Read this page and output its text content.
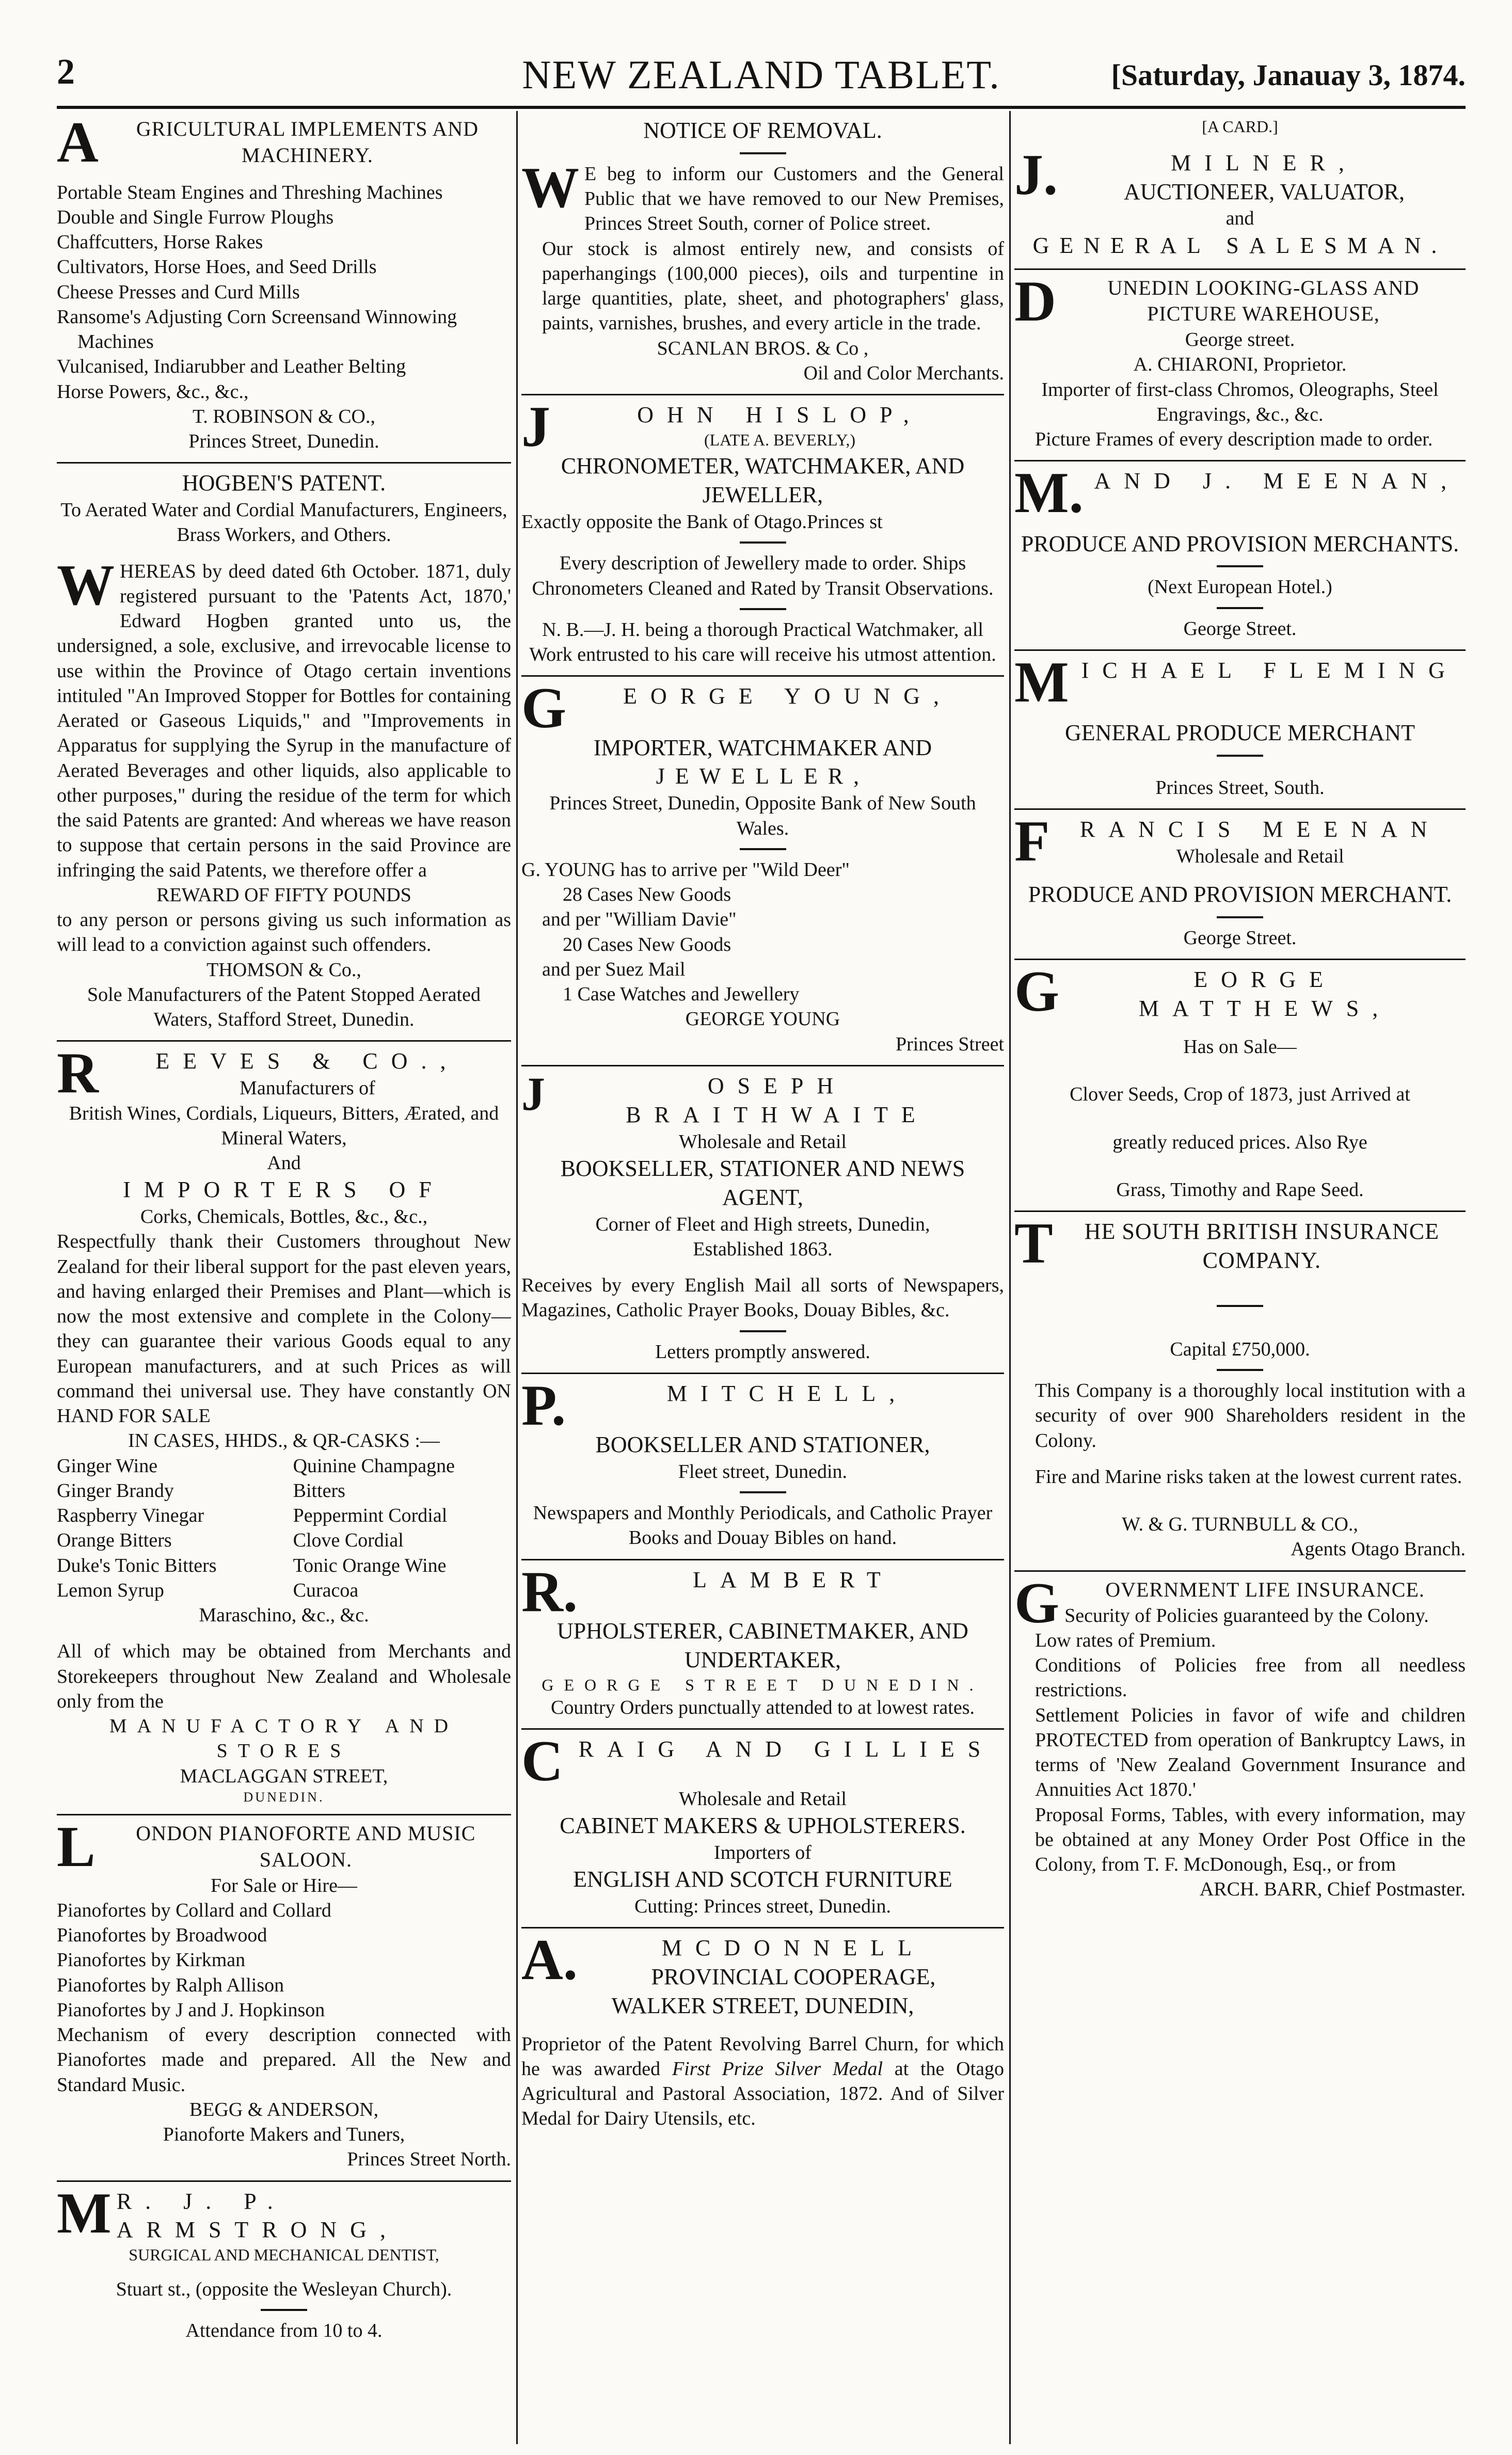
2	NEW ZEALAND TABLET.	[Saturday, Janauay 3, 1874.
A	GRICULTURAL IMPLEMENTS AND MACHINERY.

Portable Steam Engines and Threshing Machines
Double and Single Furrow Ploughs
Chaffcutters, Horse Rakes
Cultivators, Horse Hoes, and Seed Drills
Cheese Presses and Curd Mills
Ransome's Adjusting Corn Screensand Winnowing Machines
Vulcanised, Indiarubber and Leather Belting
Horse Powers, &c., &c.,

T. ROBINSON & CO.,

Princes Street, Dunedin.

HOGBEN'S PATENT.

To Aerated Water and Cordial Manufacturers, Engineers, Brass Workers, and Others.

W HEREAS by deed dated 6th October. 1871, duly registered pursuant to the 'Patents Act, 1870,' Edward Hogben granted unto us, the undersigned, a sole, exclusive, and irrevocable license to use within the Province of Otago certain inventions intituled "An Improved Stopper for Bottles for containing Aerated or Gaseous Liquids," and "Improvements in Apparatus for supplying the Syrup in the manufacture of Aerated Beverages and other liquids, also applicable to other purposes," during the residue of the term for which the said Patents are granted: And whereas we have reason to suppose that certain persons in the said Province are infringing the said Patents, we therefore offer a

REWARD OF FIFTY POUNDS

to any person or persons giving us such information as will lead to a conviction against such offenders.

THOMSON & Co.,

Sole Manufacturers of the Patent Stopped Aerated Waters, Stafford Street, Dunedin.

R	EEVES & CO.,

Manufacturers of

British Wines, Cordials, Liqueurs, Bitters, Ærated, and Mineral Waters,

And

IMPORTERS OF

Corks, Chemicals, Bottles, &c., &c.,

Respectfully thank their Customers throughout New Zealand for their liberal support for the past eleven years, and having enlarged their Premises and Plant—which is now the most extensive and complete in the Colony—they can guarantee their various Goods equal to any European manufacturers, and at such Prices as will command thei universal use. They have constantly ON HAND FOR SALE

IN CASES, HHDS., & QR-CASKS :—

Ginger Wine	Quinine Champagne
Ginger Brandy	Bitters
Raspberry Vinegar	Peppermint Cordial
Orange Bitters	Clove Cordial
Duke's Tonic Bitters	Tonic Orange Wine
Lemon Syrup	Curacoa

Maraschino, &c., &c.

All of which may be obtained from Merchants and Storekeepers throughout New Zealand and Wholesale only from the

MANUFACTORY AND STORES

MACLAGGAN STREET,

DUNEDIN.

L	ONDON PIANOFORTE AND MUSIC SALOON.

For Sale or Hire—

Pianofortes by Collard and Collard
Pianofortes by Broadwood
Pianofortes by Kirkman
Pianofortes by Ralph Allison
Pianofortes by J and J. Hopkinson

Mechanism of every description connected with Pianofortes made and prepared. All the New and Standard Music.

BEGG & ANDERSON,

Pianoforte Makers and Tuners,

Princes Street North.

M R. J. P. ARMSTRONG,

SURGICAL AND MECHANICAL DENTIST,

Stuart st., (opposite the Wesleyan Church).

Attendance from 10 to 4.

NOTICE OF REMOVAL.

W E beg to inform our Customers and the General Public that we have removed to our New Premises, Princes Street South, corner of Police street.

Our stock is almost entirely new, and consists of paperhangings (100,000 pieces), oils and turpentine in large quantities, plate, sheet, and photographers' glass, paints, varnishes, brushes, and every article in the trade.

SCANLAN BROS. & Co ,

Oil and Color Merchants.

J	OHN HISLOP,

(LATE A. BEVERLY,)

CHRONOMETER, WATCHMAKER, AND JEWELLER,

Exactly opposite the Bank of Otago.Princes st

Every description of Jewellery made to order. Ships Chronometers Cleaned and Rated by Transit Observations.

N. B.—J. H. being a thorough Practical Watchmaker, all Work entrusted to his care will receive his utmost attention.

G	EORGE YOUNG,

IMPORTER, WATCHMAKER AND

JEWELLER,

Princes Street, Dunedin, Opposite Bank of New South Wales.

G. YOUNG has to arrive per "Wild Deer"

28 Cases New Goods

and per "William Davie"

20 Cases New Goods

and per Suez Mail

1 Case Watches and Jewellery

GEORGE YOUNG

Princes Street

J	OSEPH BRAITHWAITE

Wholesale and Retail

BOOKSELLER, STATIONER AND NEWS AGENT,

Corner of Fleet and High streets, Dunedin,

Established 1863.

Receives by every English Mail all sorts of Newspapers, Magazines, Catholic Prayer Books, Douay Bibles, &c.

Letters promptly answered.

P.	MITCHELL,

BOOKSELLER AND STATIONER,

Fleet street, Dunedin.

Newspapers and Monthly Periodicals, and Catholic Prayer Books and Douay Bibles on hand.

R.	LAMBERT

UPHOLSTERER, CABINETMAKER, AND UNDERTAKER,

GEORGE STREET DUNEDIN.

Country Orders punctually attended to at lowest rates.

C RAIG AND GILLIES

Wholesale and Retail

CABINET MAKERS & UPHOLSTERERS.

Importers of

ENGLISH AND SCOTCH FURNITURE

Cutting: Princes street, Dunedin.

A.	MCDONNELL

PROVINCIAL COOPERAGE,

WALKER STREET, DUNEDIN,

Proprietor of the Patent Revolving Barrel Churn, for which he was awarded First Prize Silver Medal at the Otago Agricultural and Pastoral Association, 1872. And of Silver Medal for Dairy Utensils, etc.

[A CARD.]

J.	MILNER,

AUCTIONEER, VALUATOR,

and

GENERAL SALESMAN.

D	UNEDIN LOOKING-GLASS AND PICTURE WAREHOUSE,

George street.

A. CHIARONI, Proprietor.

Importer of first-class Chromos, Oleographs, Steel Engravings, &c., &c.

Picture Frames of every description made to order.

M. AND J. MEENAN,

PRODUCE AND PROVISION MERCHANTS.

(Next European Hotel.)

George Street.

M ICHAEL FLEMING

GENERAL PRODUCE MERCHANT

Princes Street, South.

F	RANCIS MEENAN

Wholesale and Retail

PRODUCE AND PROVISION MERCHANT.

George Street.

G	EORGE MATTHEWS,

Has on Sale—

Clover Seeds, Crop of 1873, just Arrived at

greatly reduced prices. Also Rye

Grass, Timothy and Rape Seed.

T	HE SOUTH BRITISH INSURANCE COMPANY.

Capital £750,000.

This Company is a thoroughly local institution with a security of over 900 Shareholders resident in the Colony.

Fire and Marine risks taken at the lowest current rates.

W. & G. TURNBULL & CO.,

Agents Otago Branch.

G	OVERNMENT LIFE INSURANCE.

Security of Policies guaranteed by the Colony.

Low rates of Premium.

Conditions of Policies free from all needless restrictions.

Settlement Policies in favor of wife and children PROTECTED from operation of Bankruptcy Laws, in terms of 'New Zealand Government Insurance and Annuities Act 1870.'

Proposal Forms, Tables, with every information, may be obtained at any Money Order Post Office in the Colony, from T. F. McDonough, Esq., or from

ARCH. BARR, Chief Postmaster.
